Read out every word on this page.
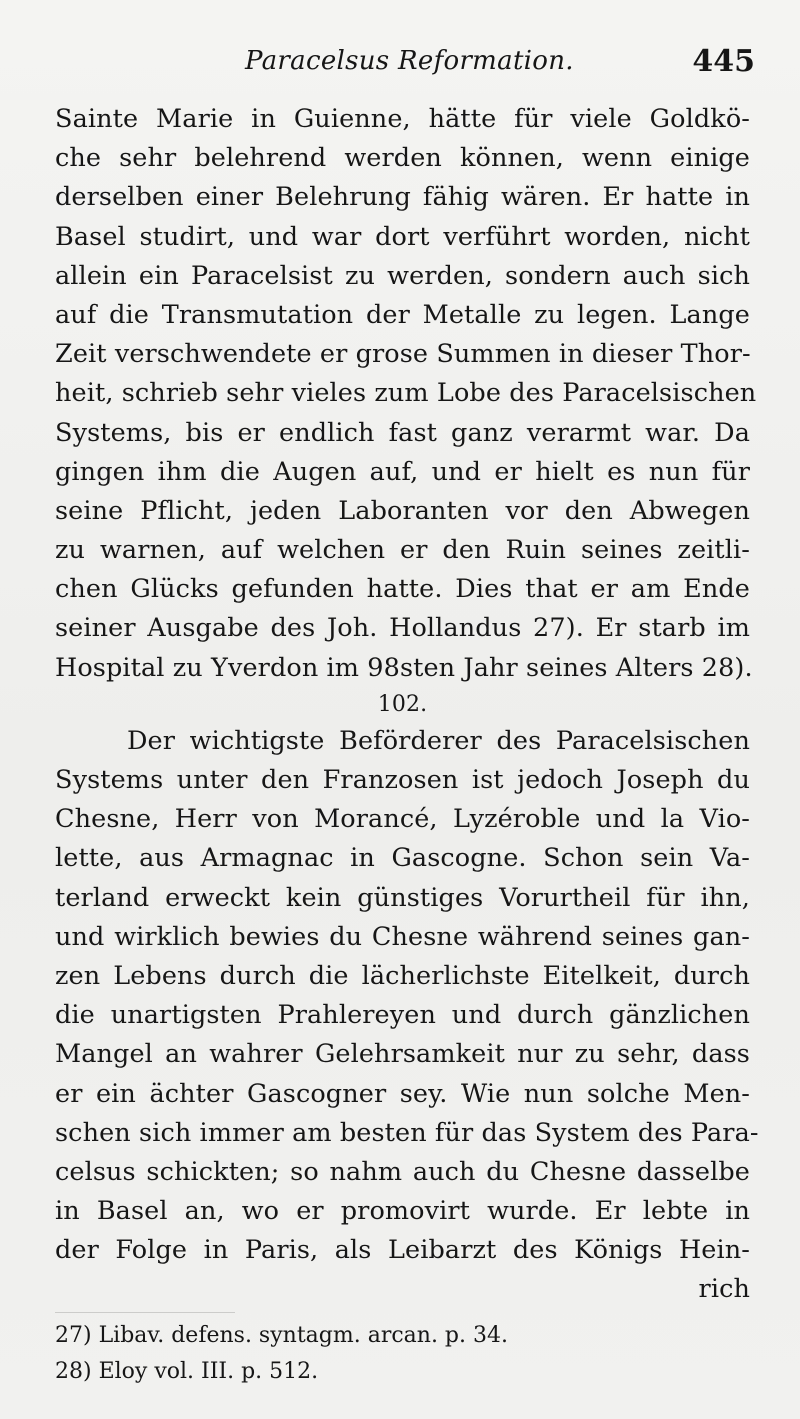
Paracelsus Reformation.	445
Sainte Marie in Guienne, hätte für viele Goldkö-
che sehr belehrend werden können, wenn einige
derselben einer Belehrung fähig wären. Er hatte in
Basel studirt, und war dort verführt worden, nicht
allein ein Paracelsist zu werden, sondern auch sich
auf die Transmutation der Metalle zu legen. Lange
Zeit verschwendete er grose Summen in dieser Thor-
heit, schrieb sehr vieles zum Lobe des Paracelsischen
Systems, bis er endlich fast ganz verarmt war. Da
gingen ihm die Augen auf, und er hielt es nun für
seine Pflicht, jeden Laboranten vor den Abwegen
zu warnen, auf welchen er den Ruin seines zeitli-
chen Glücks gefunden hatte. Dies that er am Ende
seiner Ausgabe des Joh. Hollandus 27). Er starb im
Hospital zu Yverdon im 98sten Jahr seines Alters 28).
102.
Der wichtigste Beförderer des Paracelsischen
Systems unter den Franzosen ist jedoch Joseph du
Chesne, Herr von Morancé, Lyzéroble und la Vio-
lette, aus Armagnac in Gascogne. Schon sein Va-
terland erweckt kein günstiges Vorurtheil für ihn,
und wirklich bewies du Chesne während seines gan-
zen Lebens durch die lächerlichste Eitelkeit, durch
die unartigsten Prahlereyen und durch gänzlichen
Mangel an wahrer Gelehrsamkeit nur zu sehr, dass
er ein ächter Gascogner sey. Wie nun solche Men-
schen sich immer am besten für das System des Para-
celsus schickten; so nahm auch du Chesne dasselbe
in Basel an, wo er promovirt wurde. Er lebte in
der Folge in Paris, als Leibarzt des Königs Hein-
rich
27) Libav. defens. syntagm. arcan. p. 34.
28) Eloy vol. III. p. 512.
